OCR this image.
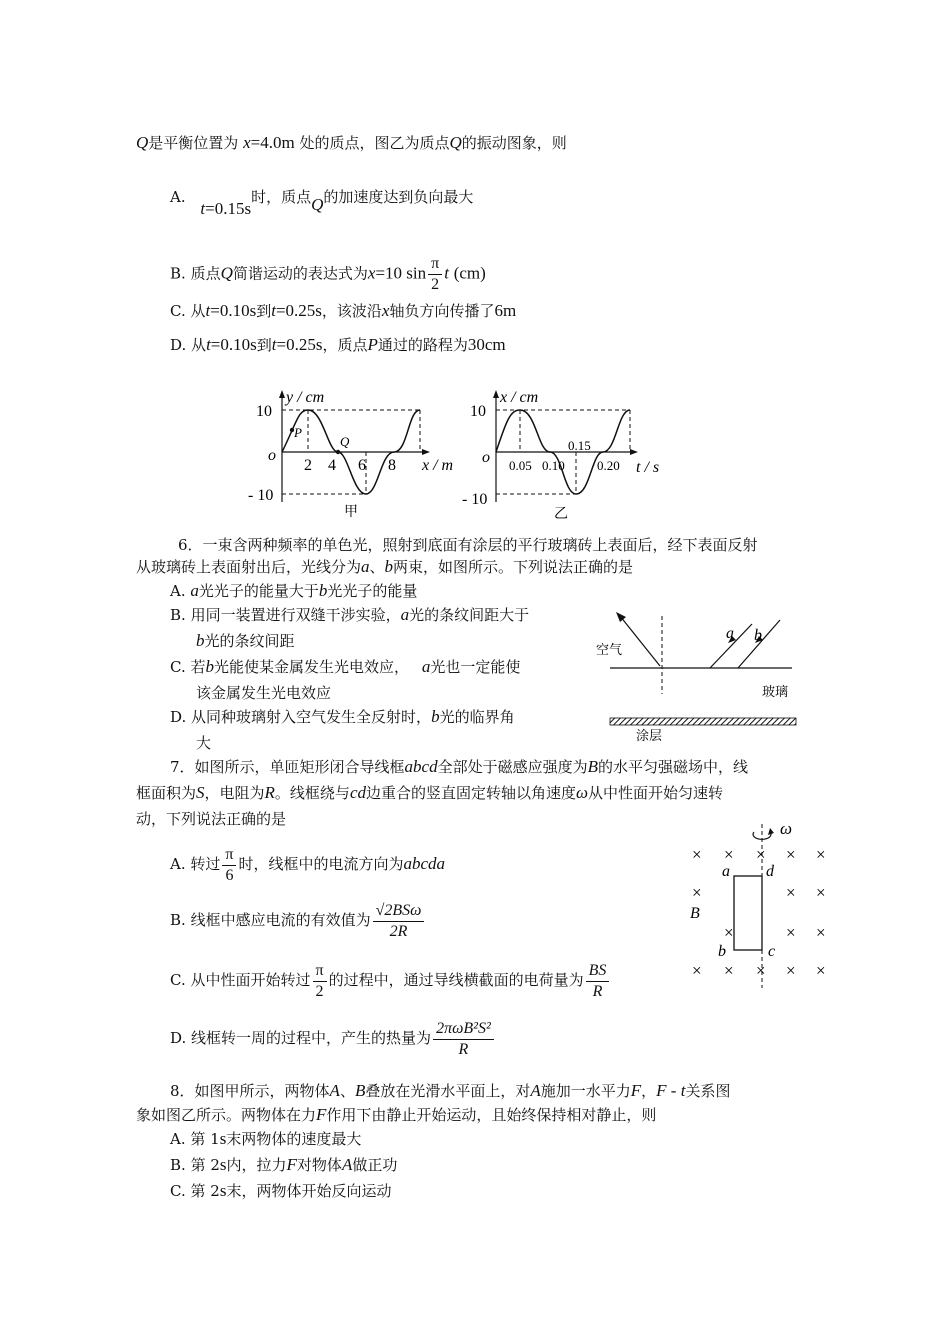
Q是平衡位置为 x=4.0m 处的质点，图乙为质点Q的振动图象，则
A. t=0.15s时，质点Q的加速度达到负向最大
B. 质点Q简谐运动的表达式为x=10 $\sin \frac{\pi}{2}$ t (cm)
C. 从t=0.10s到t=0.25s，该波沿x轴负方向传播了6m
D. 从t=0.10s到t=0.25s，质点P通过的路程为30cm
P
Q
y / cm
x / m
o
10
- 10
2 4 6 8
甲
x / cm
t / s
o
10
- 10
0.05 0.10
0.15
0.20
乙
6．一束含两种频率的单色光，照射到底面有涂层的平行玻璃砖上表面后，经下表面反射
从玻璃砖上表面射出后，光线分为a、b两束，如图所示。下列说法正确的是
A. a光光子的能量大于b光光子的能量
B. 用同一装置进行双缝干涉实验，a光的条纹间距大于
b光的条纹间距
C. 若b光能使某金属发生光电效应， a光也一定能使
该金属发生光电效应
D. 从同种玻璃射入空气发生全反射时，b光的临界角
大
a b
空气
玻璃
涂层
7．如图所示，单匝矩形闭合导线框abcd全部处于磁感应强度为B的水平匀强磁场中，线
框面积为S，电阻为R。线框绕与cd边重合的竖直固定转轴以角速度ω从中性面开始匀速转
动，下列说法正确的是
A. 转过 $\frac{\pi}{6}$ 时，线框中的电流方向为abcda
B. 线框中感应电流的有效值为 $\frac{\text{√2BSω}}{2R}$
C. 从中性面开始转过 $\frac{\pi}{2}$ 的过程中，通过导线横截面的电荷量为 $\frac{BS}{R}$
D. 线框转一周的过程中，产生的热量为 $\frac{\text{2πωB²S²}}{R}$
ω
a d
b	c
B
× × × × ×
×	× ×
×	× ×
× × × × ×
8．如图甲所示，两物体A、B叠放在光滑水平面上，对A施加一水平力F，F - t关系图
象如图乙所示。两物体在力F作用下由静止开始运动，且始终保持相对静止，则
A. 第 1s末两物体的速度最大
B. 第 2s内，拉力F对物体A做正功
C. 第 2s末，两物体开始反向运动
